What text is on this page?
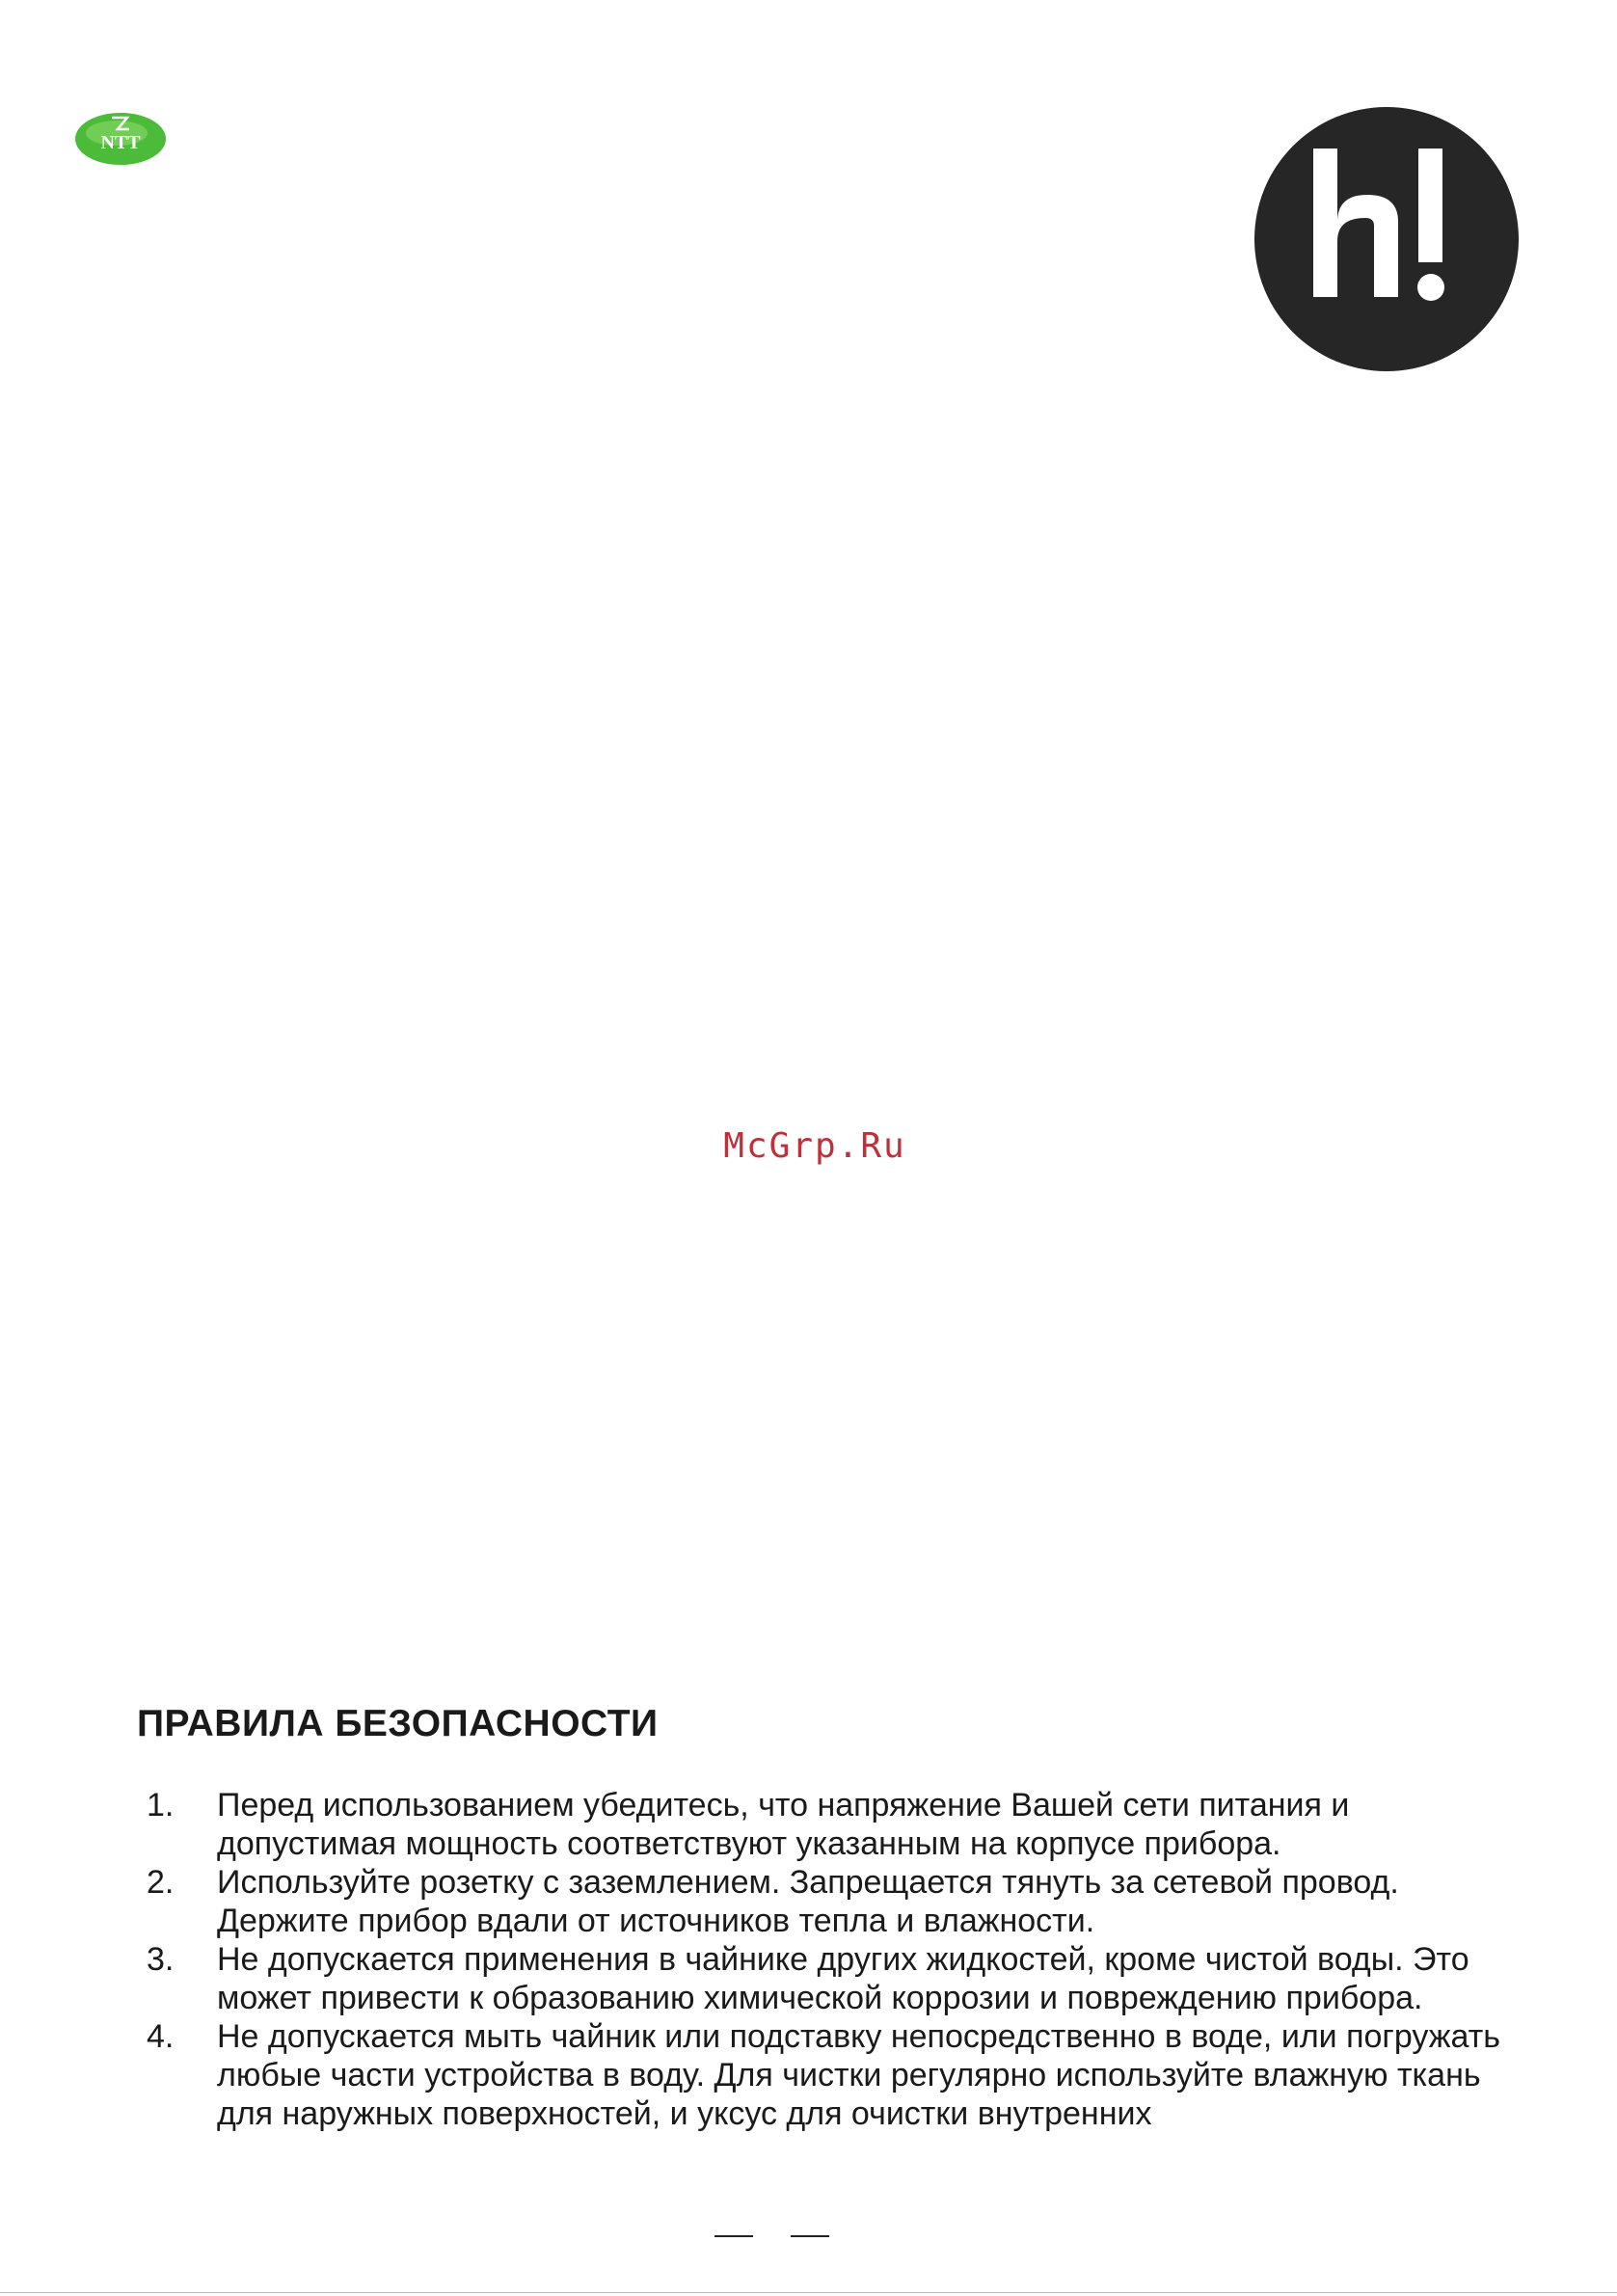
NTT
McGrp.Ru
ПРАВИЛА БЕЗОПАСНОСТИ
1.	Перед использованием убедитесь, что напряжение Вашей сети питания и допустимая мощность соответствуют указанным на корпусе прибора.
2.	Используйте розетку с заземлением. Запрещается тянуть за сетевой провод. Держите прибор вдали от источников тепла и влажности.
3.	Не допускается применения в чайнике других жидкостей, кроме чистой воды. Это может привести к образованию химической коррозии и повреждению прибора.
4.	Не допускается мыть чайник или подставку непосредственно в воде, или погружать любые части устройства в воду. Для чистки регулярно используйте влажную ткань для наружных поверхностей, и уксус для очистки внутренних
